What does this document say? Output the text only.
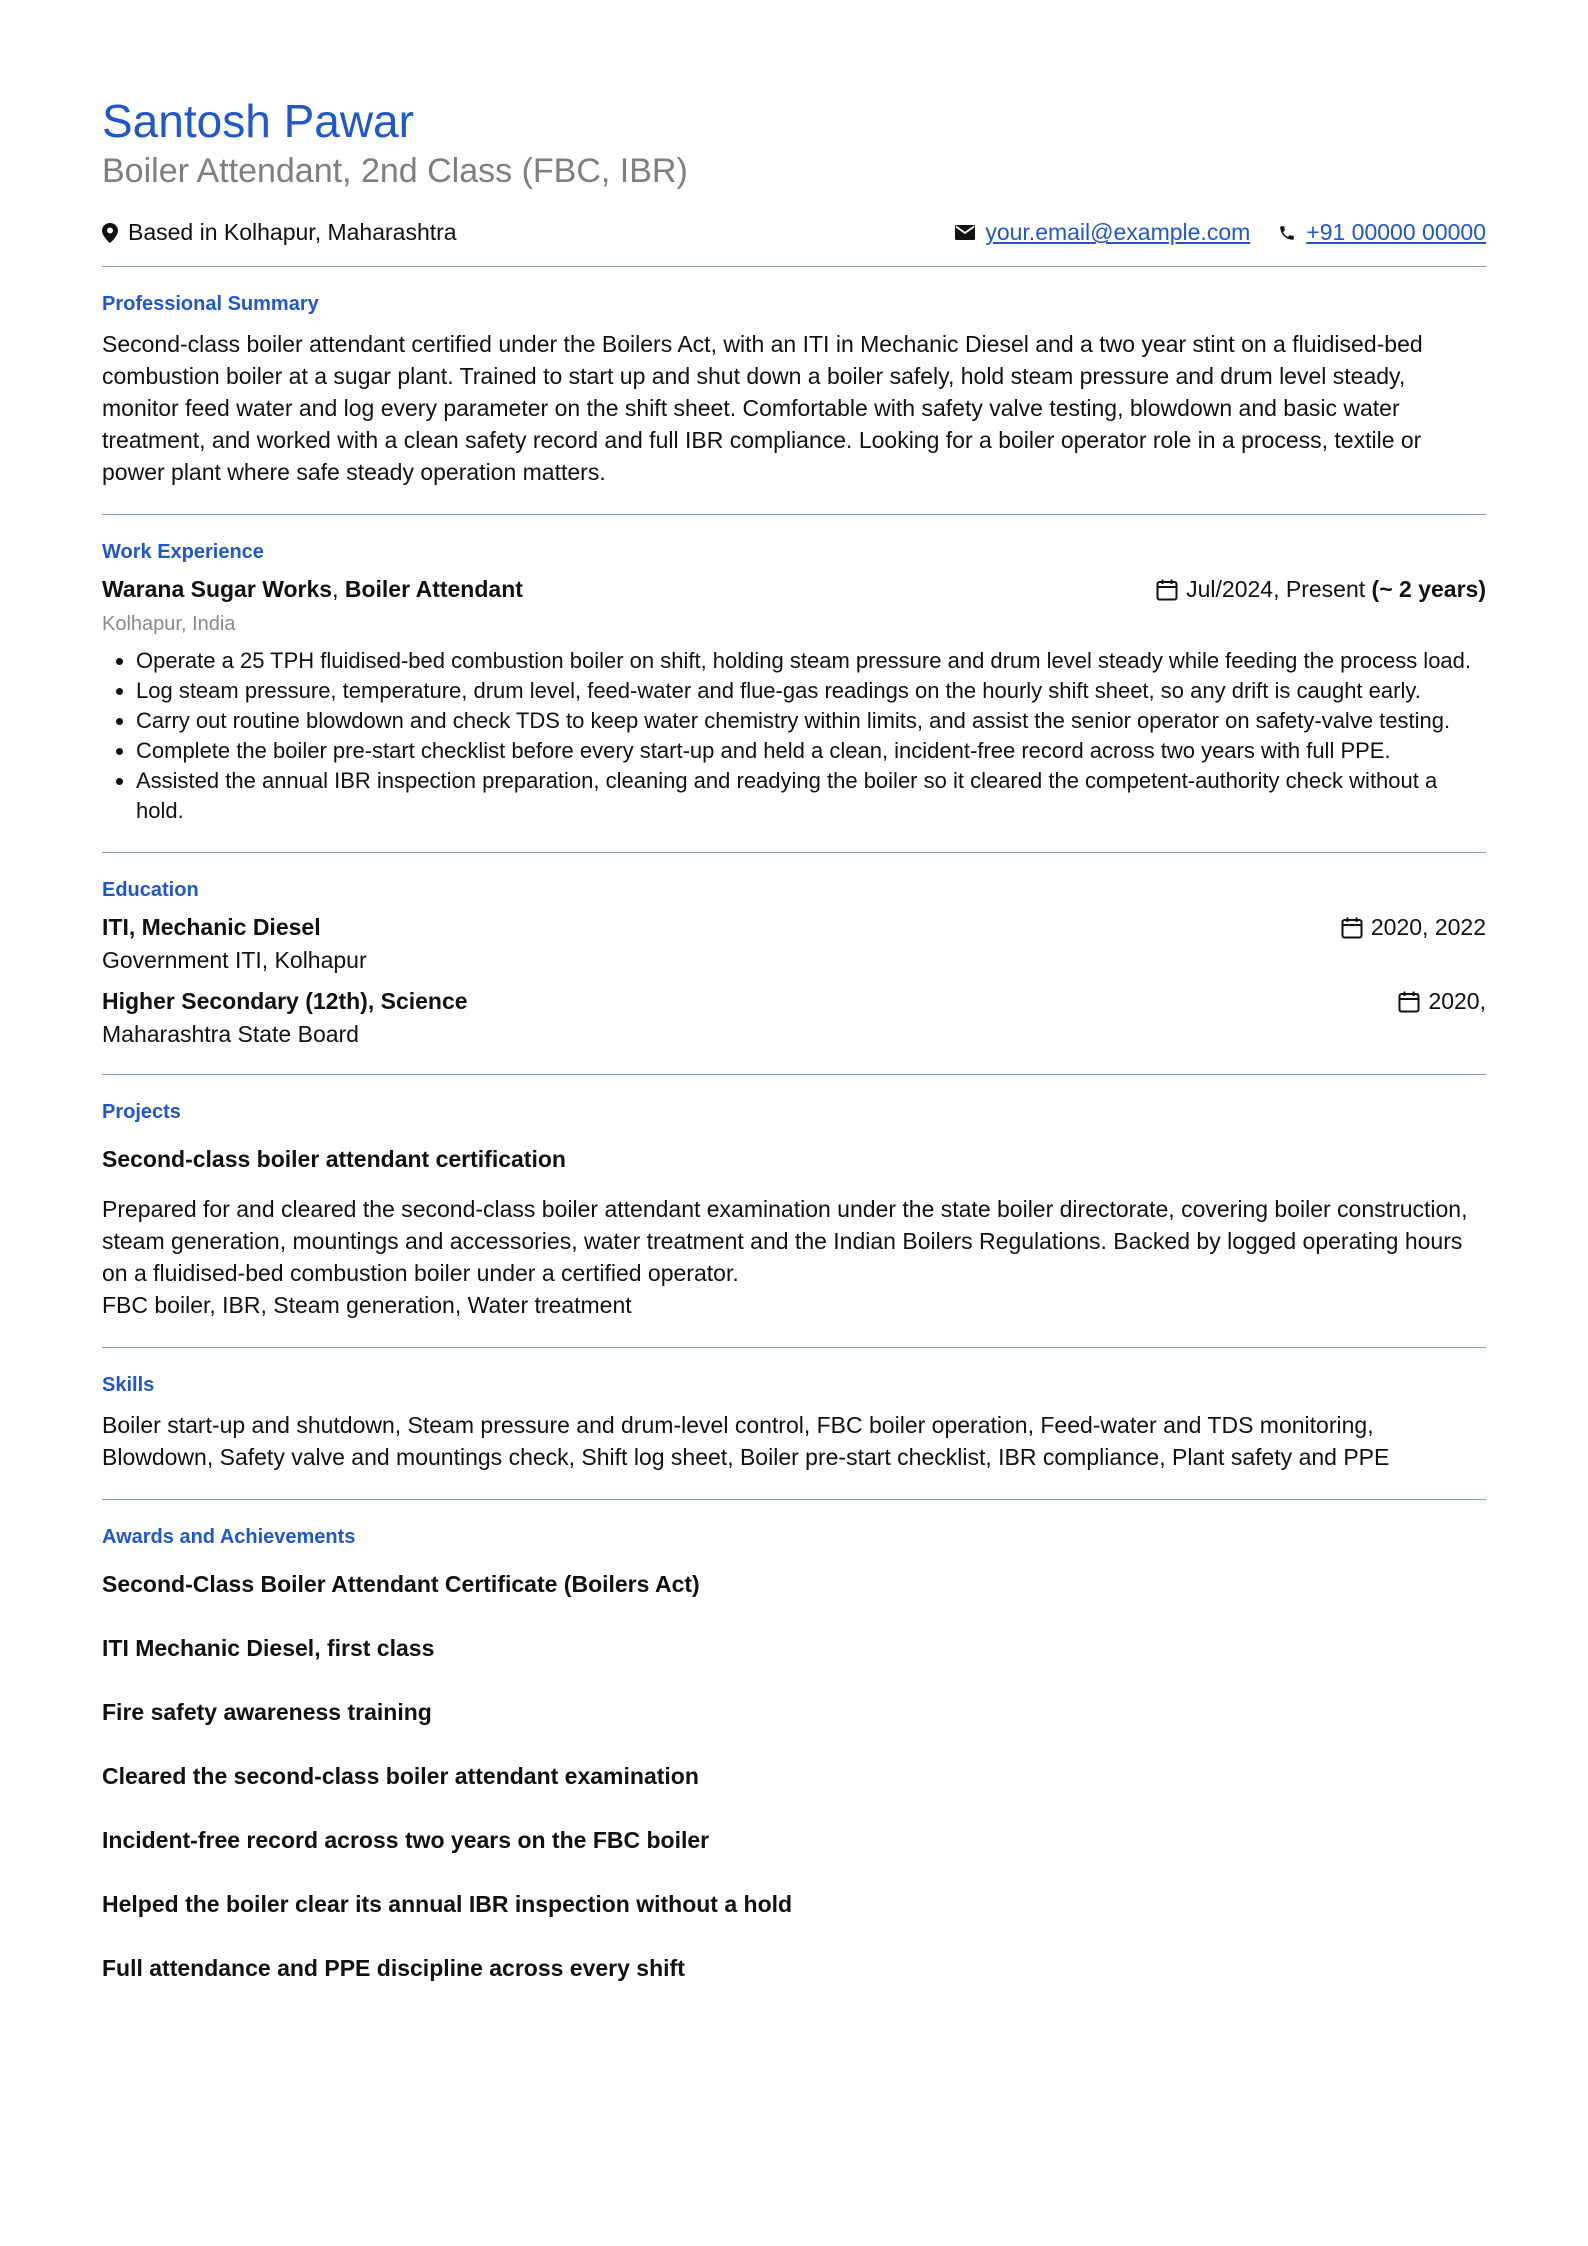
Santosh Pawar
Boiler Attendant, 2nd Class (FBC, IBR)
Based in Kolhapur, Maharashtra	your.email@example.com +91 00000 00000
Professional Summary

Second-class boiler attendant certified under the Boilers Act, with an ITI in Mechanic Diesel and a two year stint on a fluidised-bed combustion boiler at a sugar plant. Trained to start up and shut down a boiler safely, hold steam pressure and drum level steady, monitor feed water and log every parameter on the shift sheet. Comfortable with safety valve testing, blowdown and basic water treatment, and worked with a clean safety record and full IBR compliance. Looking for a boiler operator role in a process, textile or power plant where safe steady operation matters.

Work Experience
Warana Sugar Works, Boiler Attendant	Jul/2024, Present
(~ 2 years)
Kolhapur, India
• Operate a 25 TPH fluidised-bed combustion boiler on shift, holding steam pressure and drum level steady while feeding the process load.
• Log steam pressure, temperature, drum level, feed-water and flue-gas readings on the hourly shift sheet, so any drift is caught early.
• Carry out routine blowdown and check TDS to keep water chemistry within limits, and assist the senior operator on safety-valve testing.
• Complete the boiler pre-start checklist before every start-up and held a clean, incident-free record across two years with full PPE.
• Assisted the annual IBR inspection preparation, cleaning and readying the boiler so it cleared the competent-authority check without a hold.
Education
ITI, Mechanic Diesel	2020, 2022
Government ITI, Kolhapur
Higher Secondary (12th), Science	2020,
Maharashtra State Board
Projects
Second-class boiler attendant certification

Prepared for and cleared the second-class boiler attendant examination under the state boiler directorate, covering boiler construction, steam generation, mountings and accessories, water treatment and the Indian Boilers Regulations. Backed by logged operating hours on a fluidised-bed combustion boiler under a certified operator.

FBC boiler, IBR, Steam generation, Water treatment

Skills

Boiler start-up and shutdown, Steam pressure and drum-level control, FBC boiler operation, Feed-water and TDS monitoring, Blowdown, Safety valve and mountings check, Shift log sheet, Boiler pre-start checklist, IBR compliance, Plant safety and PPE

Awards and Achievements
Second-Class Boiler Attendant Certificate (Boilers Act)
ITI Mechanic Diesel, first class
Fire safety awareness training
Cleared the second-class boiler attendant examination
Incident-free record across two years on the FBC boiler
Helped the boiler clear its annual IBR inspection without a hold
Full attendance and PPE discipline across every shift
